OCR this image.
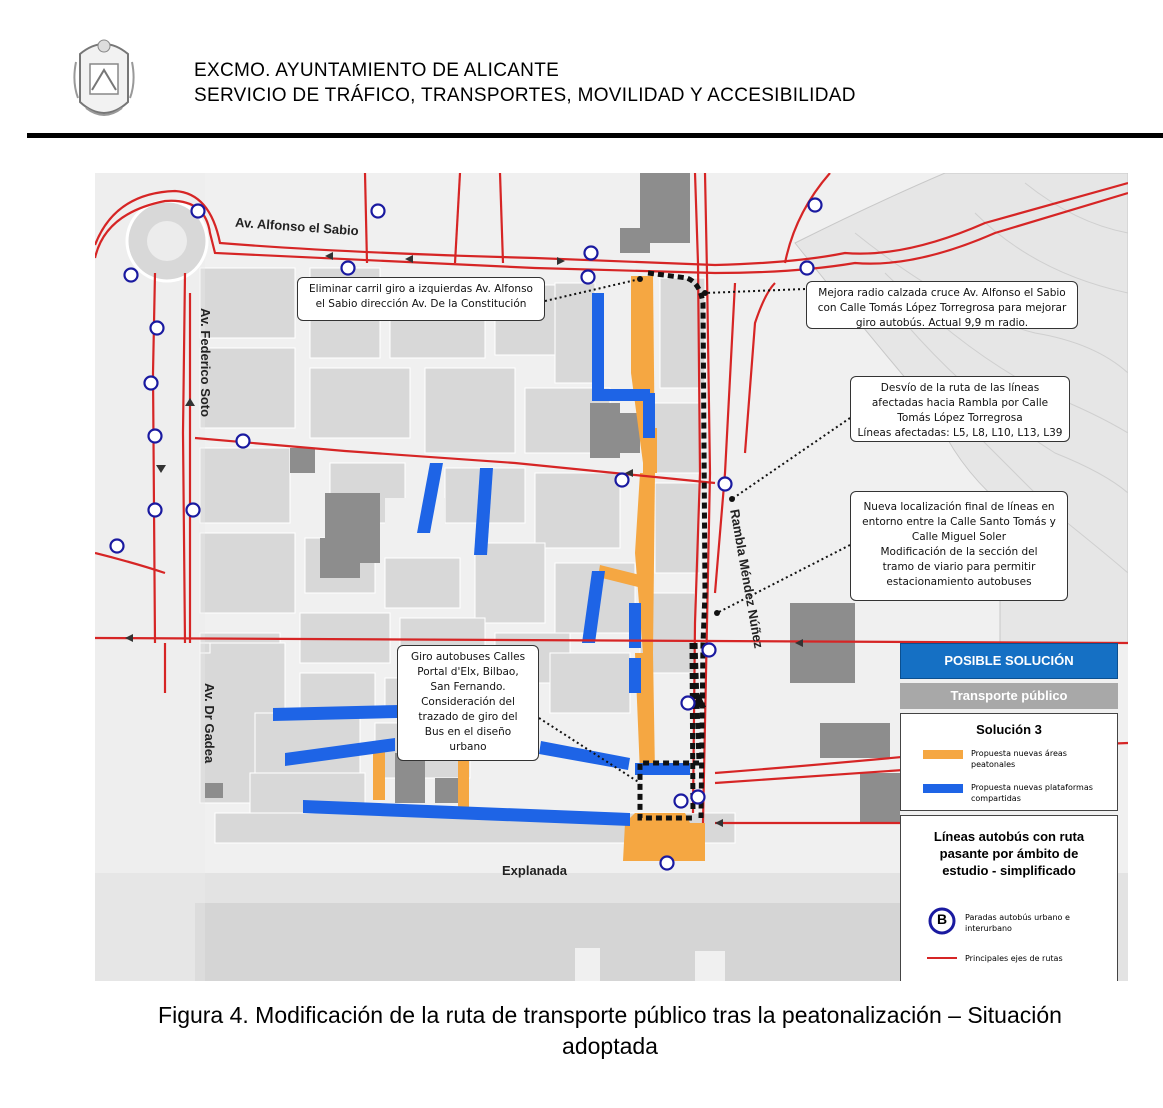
EXCMO. AYUNTAMIENTO DE ALICANTE
SERVICIO DE TRÁFICO, TRANSPORTES, MOVILIDAD Y ACCESIBILIDAD
Av. Alfonso el Sabio
Av. Federico Soto
Av. Dr Gadea
Rambla Méndez Núñez
Explanada
Eliminar carril giro a izquierdas Av. Alfonso
el Sabio dirección Av. De la Constitución
Mejora radio calzada cruce Av. Alfonso el Sabio
con Calle Tomás López Torregrosa para mejorar
giro autobús. Actual 9,9 m radio.
Desvío de la ruta de las líneas
afectadas hacia Rambla por Calle
Tomás López Torregrosa
Líneas afectadas: L5, L8, L10, L13, L39
Nueva localización final de líneas en
entorno entre la Calle Santo Tomás y
Calle Miguel Soler
Modificación de la sección del
tramo de viario para permitir
estacionamiento autobuses
Giro autobuses Calles
Portal d'Elx, Bilbao,
San Fernando.
Consideración del
trazado de giro del
Bus en el diseño
urbano
POSIBLE SOLUCIÓN
Transporte público
Solución 3
Propuesta nuevas áreas
peatonales
Propuesta nuevas plataformas
compartidas
Líneas autobús con ruta
pasante por ámbito de
estudio - simplificado
B	Paradas autobús urbano e
interurbano
Principales ejes de rutas
Figura 4. Modificación de la ruta de transporte público tras la peatonalización – Situación
adoptada
